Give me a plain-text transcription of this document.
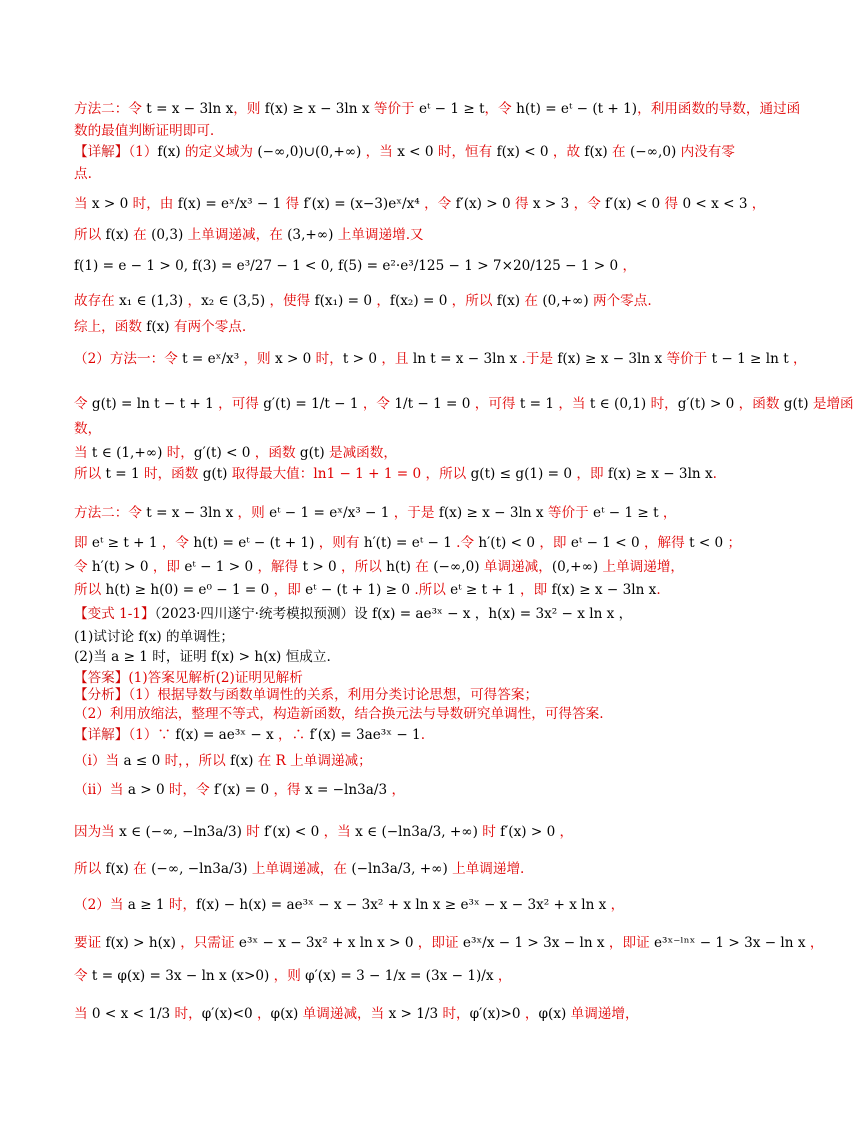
方法二：令 t = x − 3ln x，则 f(x) ≥ x − 3ln x 等价于 eᵗ − 1 ≥ t，令 h(t) = eᵗ − (t + 1)，利用函数的导数，通过函
数的最值判断证明即可.
【详解】（1）f(x) 的定义域为 (−∞,0)∪(0,+∞) ，当 x < 0 时，恒有 f(x) < 0 ，故 f(x) 在 (−∞,0) 内没有零
点.
当 x > 0 时，由 f(x) = eˣ/x³ − 1 得 f′(x) = (x−3)eˣ/x⁴ ，令 f′(x) > 0 得 x > 3 ，令 f′(x) < 0 得 0 < x < 3 ，
所以 f(x) 在 (0,3) 上单调递减，在 (3,+∞) 上单调递增.又
f(1) = e − 1 > 0, f(3) = e³/27 − 1 < 0, f(5) = e²·e³/125 − 1 > 7×20/125 − 1 > 0 ，
故存在 x₁ ∈ (1,3) ，x₂ ∈ (3,5) ，使得 f(x₁) = 0 ，f(x₂) = 0 ，所以 f(x) 在 (0,+∞) 两个零点.
综上，函数 f(x) 有两个零点.
（2）方法一：令 t = eˣ/x³ ，则 x > 0 时，t > 0 ，且 ln t = x − 3ln x .于是 f(x) ≥ x − 3ln x 等价于 t − 1 ≥ ln t ，
令 g(t) = ln t − t + 1 ，可得 g′(t) = 1/t − 1 ，令 1/t − 1 = 0 ，可得 t = 1 ，当 t ∈ (0,1) 时，g′(t) > 0 ，函数 g(t) 是增函
数，
当 t ∈ (1,+∞) 时，g′(t) < 0 ，函数 g(t) 是减函数，
所以 t = 1 时，函数 g(t) 取得最大值：ln1 − 1 + 1 = 0 ，所以 g(t) ≤ g(1) = 0 ，即 f(x) ≥ x − 3ln x.
方法二：令 t = x − 3ln x ，则 eᵗ − 1 = eˣ/x³ − 1 ，于是 f(x) ≥ x − 3ln x 等价于 eᵗ − 1 ≥ t ，
即 eᵗ ≥ t + 1 ，令 h(t) = eᵗ − (t + 1) ，则有 h′(t) = eᵗ − 1 .令 h′(t) < 0 ，即 eᵗ − 1 < 0 ，解得 t < 0 ；
令 h′(t) > 0 ，即 eᵗ − 1 > 0 ，解得 t > 0 ，所以 h(t) 在 (−∞,0) 单调递减，(0,+∞) 上单调递增，
所以 h(t) ≥ h(0) = e⁰ − 1 = 0 ，即 eᵗ − (t + 1) ≥ 0 .所以 eᵗ ≥ t + 1 ，即 f(x) ≥ x − 3ln x.
【变式 1-1】（2023·四川遂宁·统考模拟预测）设 f(x) = ae³ˣ − x ，h(x) = 3x² − x ln x ，
(1)试讨论 f(x) 的单调性；
(2)当 a ≥ 1 时，证明 f(x) > h(x) 恒成立.
【答案】(1)答案见解析(2)证明见解析
【分析】（1）根据导数与函数单调性的关系，利用分类讨论思想，可得答案；
（2）利用放缩法，整理不等式，构造新函数，结合换元法与导数研究单调性，可得答案.
【详解】（1）∵ f(x) = ae³ˣ − x ，∴ f′(x) = 3ae³ˣ − 1.
（i）当 a ≤ 0 时，，所以 f(x) 在 R 上单调递减；
（ii）当 a > 0 时，令 f′(x) = 0 ，得 x = −ln3a/3 ，
因为当 x ∈ (−∞, −ln3a/3) 时 f′(x) < 0 ，当 x ∈ (−ln3a/3, +∞) 时 f′(x) > 0 ，
所以 f(x) 在 (−∞, −ln3a/3) 上单调递减，在 (−ln3a/3, +∞) 上单调递增.
（2）当 a ≥ 1 时，f(x) − h(x) = ae³ˣ − x − 3x² + x ln x ≥ e³ˣ − x − 3x² + x ln x ，
要证 f(x) > h(x) ，只需证 e³ˣ − x − 3x² + x ln x > 0 ，即证 e³ˣ/x − 1 > 3x − ln x ，即证 e³ˣ⁻ˡⁿˣ − 1 > 3x − ln x ，
令 t = φ(x) = 3x − ln x (x>0) ，则 φ′(x) = 3 − 1/x = (3x − 1)/x ，
当 0 < x < 1/3 时，φ′(x)<0 ，φ(x) 单调递减，当 x > 1/3 时，φ′(x)>0 ，φ(x) 单调递增，
